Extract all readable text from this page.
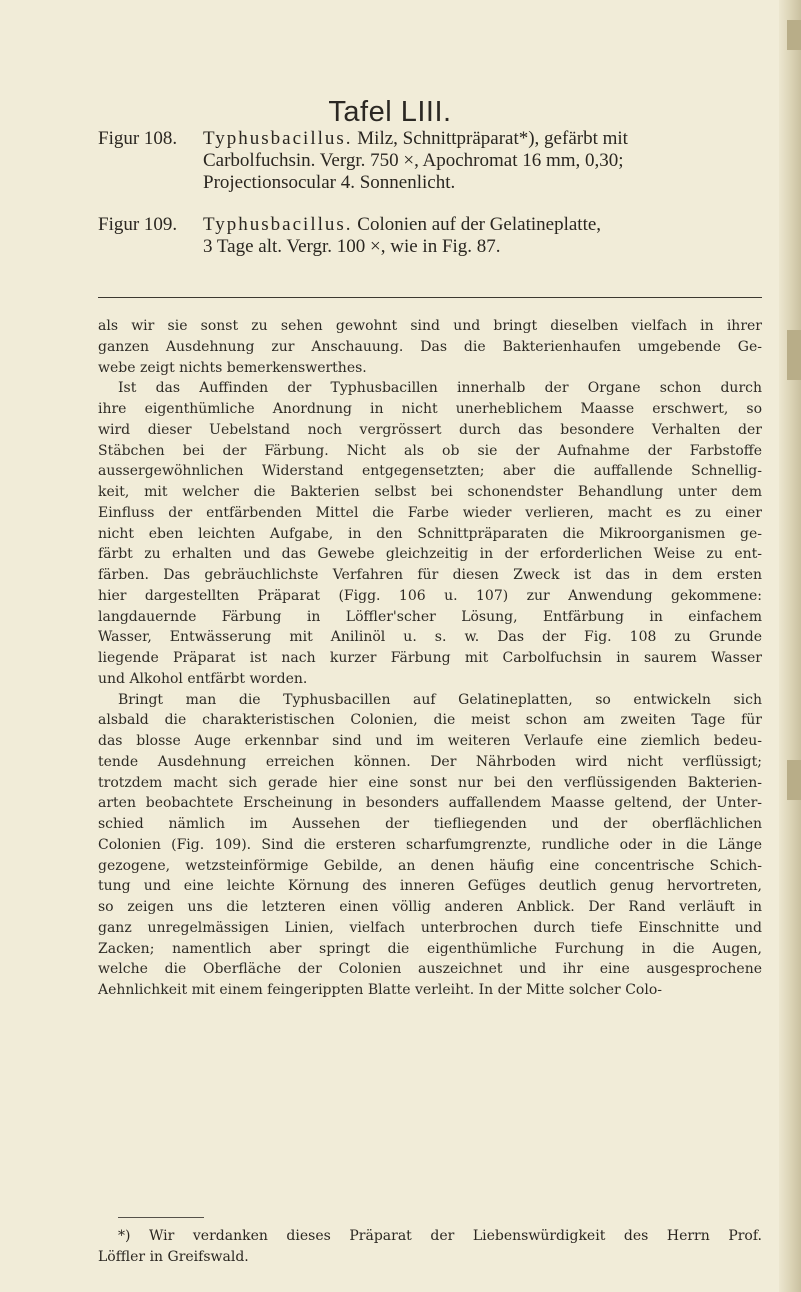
Tafel LIII.
Figur 108. Typhusbacillus. Milz, Schnittpräparat*), gefärbt mit
Carbolfuchsin. Vergr. 750 ×, Apochromat 16 mm, 0,30;
Projectionsocular 4. Sonnenlicht.
Figur 109. Typhusbacillus. Colonien auf der Gelatineplatte,
3 Tage alt. Vergr. 100 ×, wie in Fig. 87.
als wir sie sonst zu sehen gewohnt sind und bringt dieselben vielfach in ihrer
ganzen Ausdehnung zur Anschauung. Das die Bakterienhaufen umgebende Ge-
webe zeigt nichts bemerkenswerthes.
Ist das Auffinden der Typhusbacillen innerhalb der Organe schon durch
ihre eigenthümliche Anordnung in nicht unerheblichem Maasse erschwert, so
wird dieser Uebelstand noch vergrössert durch das besondere Verhalten der
Stäbchen bei der Färbung. Nicht als ob sie der Aufnahme der Farbstoffe
aussergewöhnlichen Widerstand entgegensetzten; aber die auffallende Schnellig-
keit, mit welcher die Bakterien selbst bei schonendster Behandlung unter dem
Einfluss der entfärbenden Mittel die Farbe wieder verlieren, macht es zu einer
nicht eben leichten Aufgabe, in den Schnittpräparaten die Mikroorganismen ge-
färbt zu erhalten und das Gewebe gleichzeitig in der erforderlichen Weise zu ent-
färben. Das gebräuchlichste Verfahren für diesen Zweck ist das in dem ersten
hier dargestellten Präparat (Figg. 106 u. 107) zur Anwendung gekommene:
langdauernde Färbung in Löffler'scher Lösung, Entfärbung in einfachem
Wasser, Entwässerung mit Anilinöl u. s. w. Das der Fig. 108 zu Grunde
liegende Präparat ist nach kurzer Färbung mit Carbolfuchsin in saurem Wasser
und Alkohol entfärbt worden.
Bringt man die Typhusbacillen auf Gelatineplatten, so entwickeln sich
alsbald die charakteristischen Colonien, die meist schon am zweiten Tage für
das blosse Auge erkennbar sind und im weiteren Verlaufe eine ziemlich bedeu-
tende Ausdehnung erreichen können. Der Nährboden wird nicht verflüssigt;
trotzdem macht sich gerade hier eine sonst nur bei den verflüssigenden Bakterien-
arten beobachtete Erscheinung in besonders auffallendem Maasse geltend, der Unter-
schied nämlich im Aussehen der tiefliegenden und der oberflächlichen
Colonien (Fig. 109). Sind die ersteren scharfumgrenzte, rundliche oder in die Länge
gezogene, wetzsteinförmige Gebilde, an denen häufig eine concentrische Schich-
tung und eine leichte Körnung des inneren Gefüges deutlich genug hervortreten,
so zeigen uns die letzteren einen völlig anderen Anblick. Der Rand verläuft in
ganz unregelmässigen Linien, vielfach unterbrochen durch tiefe Einschnitte und
Zacken; namentlich aber springt die eigenthümliche Furchung in die Augen,
welche die Oberfläche der Colonien auszeichnet und ihr eine ausgesprochene
Aehnlichkeit mit einem feingerippten Blatte verleiht. In der Mitte solcher Colo-
*) Wir verdanken dieses Präparat der Liebenswürdigkeit des Herrn Prof.
Löffler in Greifswald.
